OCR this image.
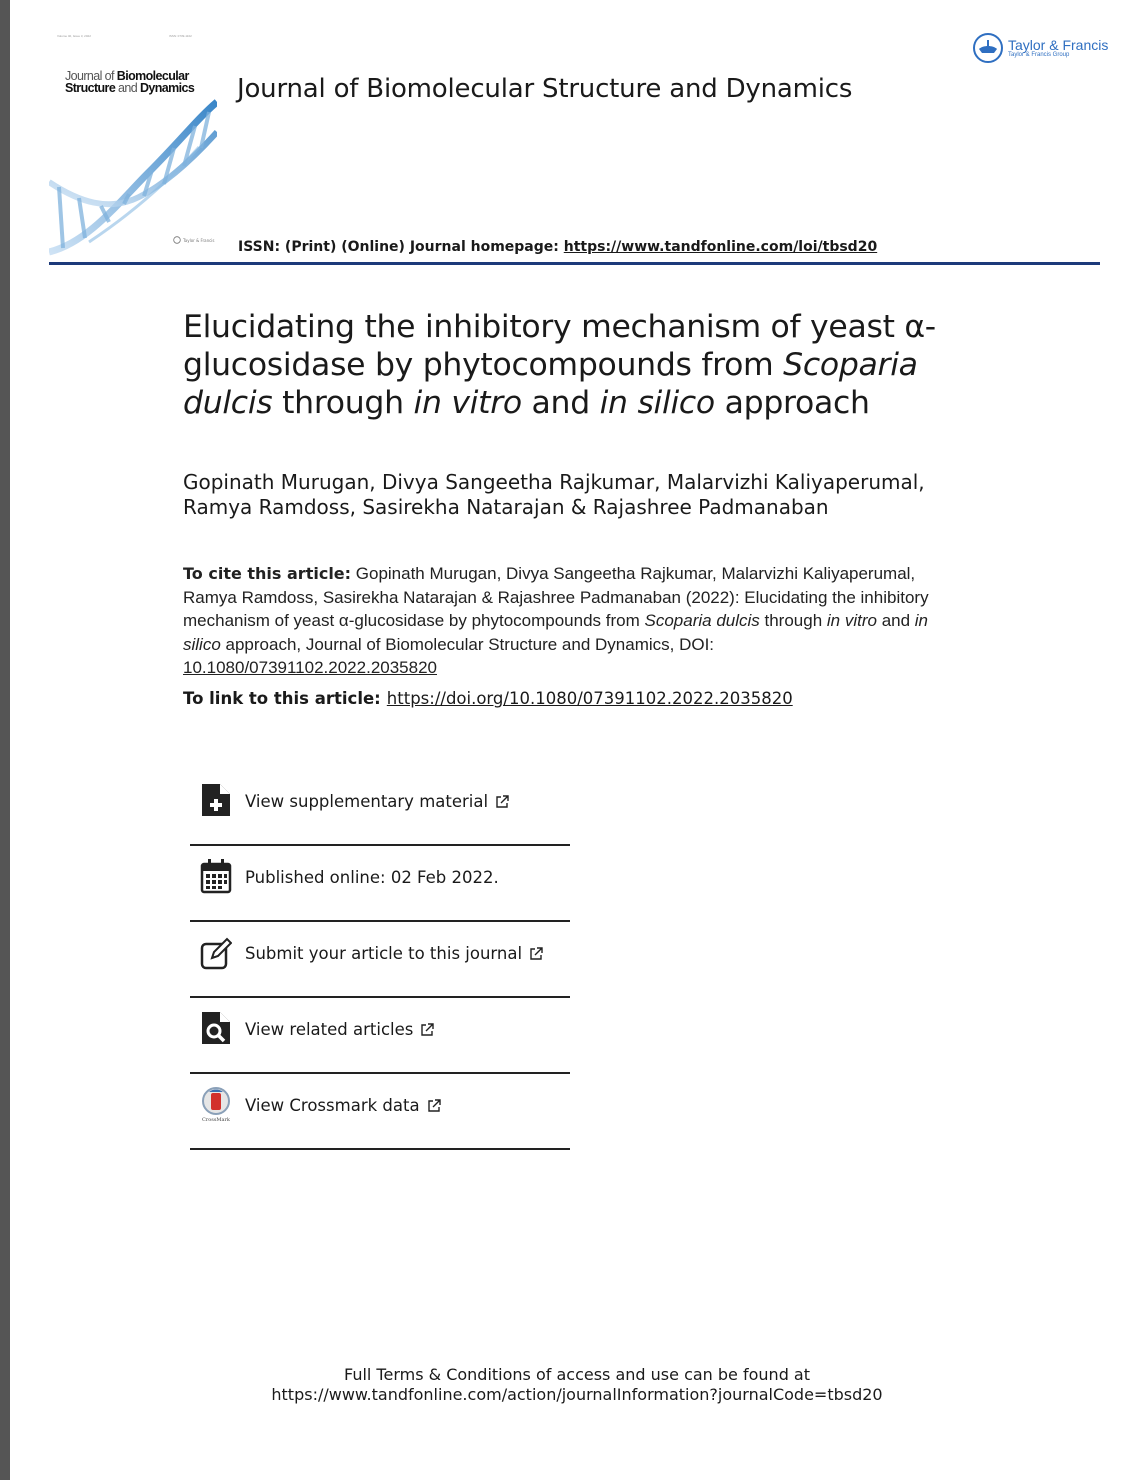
Volume 40, Issue 3, 2022	ISSN: 0739-1102
Journal of Biomolecular
Structure and Dynamics
Taylor & Francis
Journal of Biomolecular Structure and Dynamics
Taylor & Francis
Taylor & Francis Group
ISSN: (Print) (Online) Journal homepage: https://www.tandfonline.com/loi/tbsd20
Elucidating the inhibitory mechanism of yeast α-
glucosidase by phytocompounds from Scoparia
dulcis through in vitro and in silico approach
Gopinath Murugan, Divya Sangeetha Rajkumar, Malarvizhi Kaliyaperumal,
Ramya Ramdoss, Sasirekha Natarajan & Rajashree Padmanaban
To cite this article: Gopinath Murugan, Divya Sangeetha Rajkumar, Malarvizhi Kaliyaperumal, Ramya Ramdoss, Sasirekha Natarajan & Rajashree Padmanaban (2022): Elucidating the inhibitory mechanism of yeast α-glucosidase by phytocompounds from Scoparia dulcis through in vitro and in silico approach, Journal of Biomolecular Structure and Dynamics, DOI:
10.1080/07391102.2022.2035820
To link to this article: https://doi.org/10.1080/07391102.2022.2035820
View supplementary material
Published online: 02 Feb 2022.
Submit your article to this journal
View related articles
CrossMark
View Crossmark data
Full Terms & Conditions of access and use can be found at
https://www.tandfonline.com/action/journalInformation?journalCode=tbsd20
